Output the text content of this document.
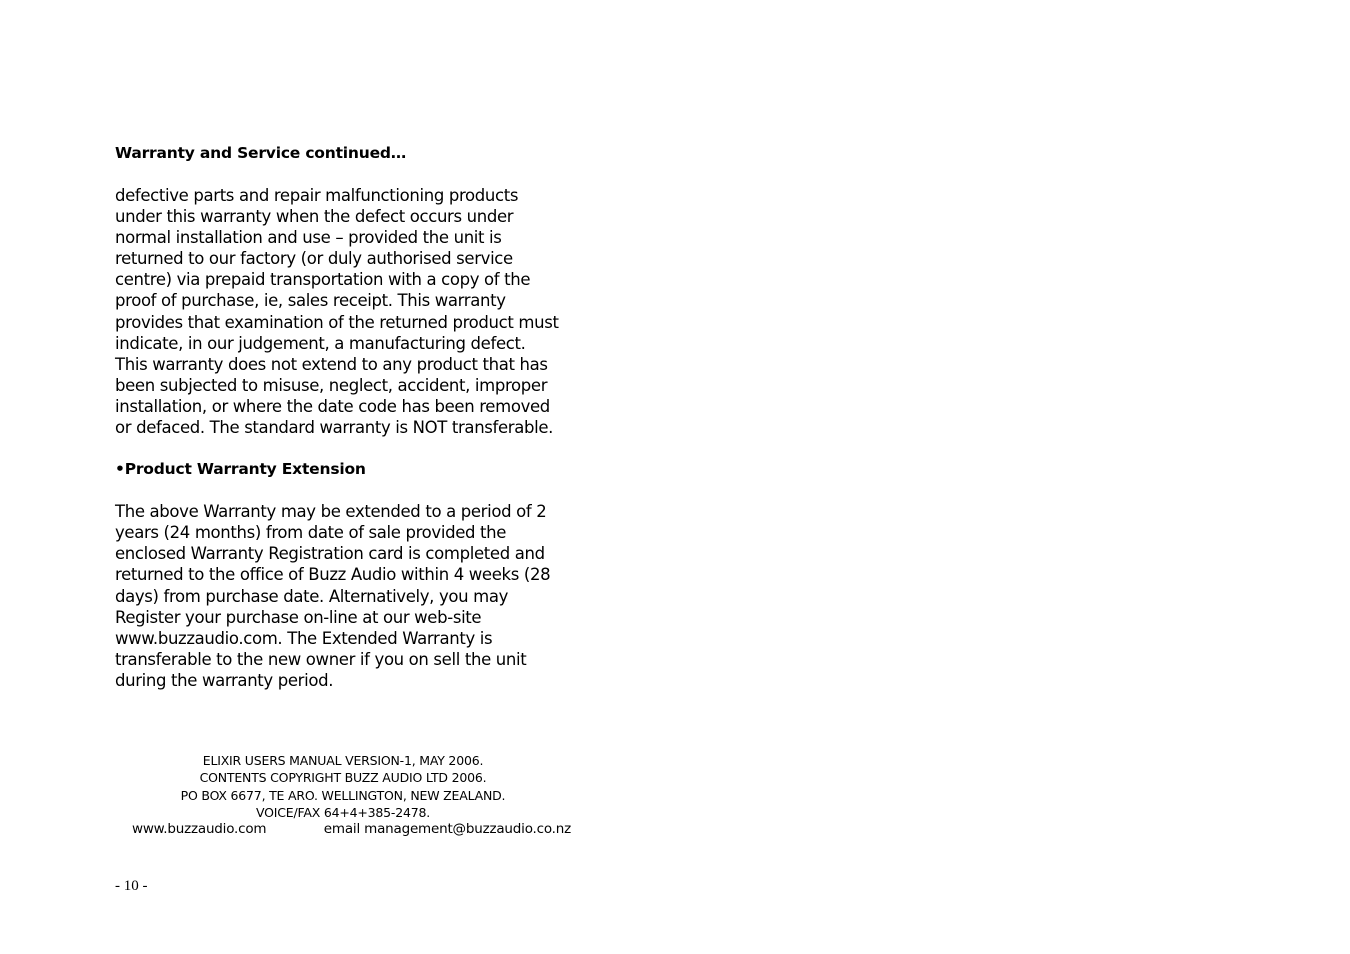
Warranty and Service continued…

defective parts and repair malfunctioning products
under this warranty when the defect occurs under
normal installation and use – provided the unit is
returned to our factory (or duly authorised service
centre) via prepaid transportation with a copy of the
proof of purchase, ie, sales receipt. This warranty
provides that examination of the returned product must
indicate, in our judgement, a manufacturing defect.
This warranty does not extend to any product that has
been subjected to misuse, neglect, accident, improper
installation, or where the date code has been removed
or defaced. The standard warranty is NOT transferable.

•Product Warranty Extension

The above Warranty may be extended to a period of 2
years (24 months) from date of sale provided the
enclosed Warranty Registration card is completed and
returned to the office of Buzz Audio within 4 weeks (28
days) from purchase date. Alternatively, you may
Register your purchase on-line at our web-site
www.buzzaudio.com. The Extended Warranty is
transferable to the new owner if you on sell the unit
during the warranty period.

ELIXIR USERS MANUAL VERSION-1, MAY 2006.
CONTENTS COPYRIGHT BUZZ AUDIO LTD 2006.
PO BOX 6677, TE ARO. WELLINGTON, NEW ZEALAND.
VOICE/FAX 64+4+385-2478.
www.buzzaudio.com	email management@buzzaudio.co.nz
- 10 -
